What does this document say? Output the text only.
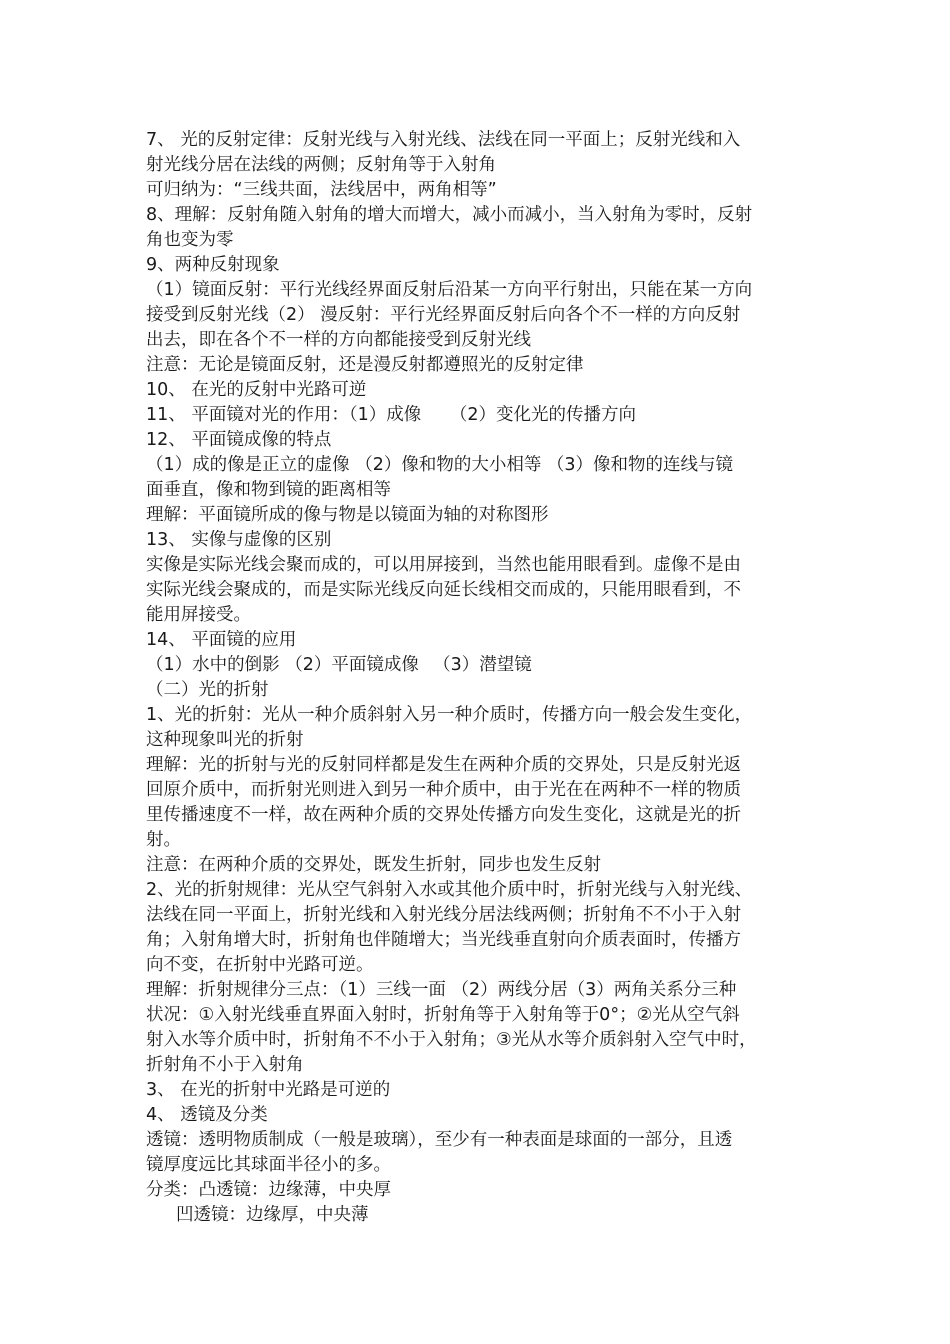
7、 光的反射定律：反射光线与入射光线、法线在同一平面上；反射光线和入
射光线分居在法线的两侧；反射角等于入射角
可归纳为：“三线共面，法线居中，两角相等”
8、理解：反射角随入射角的增大而增大，减小而减小，当入射角为零时，反射
角也变为零
9、两种反射现象
（1）镜面反射：平行光线经界面反射后沿某一方向平行射出，只能在某一方向
接受到反射光线（2） 漫反射：平行光经界面反射后向各个不一样的方向反射
出去，即在各个不一样的方向都能接受到反射光线
注意：无论是镜面反射，还是漫反射都遵照光的反射定律
10、 在光的反射中光路可逆
11、 平面镜对光的作用：（1）成像 　 （2）变化光的传播方向
12、 平面镜成像的特点
（1）成的像是正立的虚像 （2）像和物的大小相等 （3）像和物的连线与镜
面垂直，像和物到镜的距离相等
理解：平面镜所成的像与物是以镜面为轴的对称图形
13、 实像与虚像的区别
实像是实际光线会聚而成的，可以用屏接到，当然也能用眼看到。虚像不是由
实际光线会聚成的，而是实际光线反向延长线相交而成的，只能用眼看到，不
能用屏接受。
14、 平面镜的应用
（1）水中的倒影 （2）平面镜成像 　（3）潜望镜
（二）光的折射
1、光的折射：光从一种介质斜射入另一种介质时，传播方向一般会发生变化，
这种现象叫光的折射
理解：光的折射与光的反射同样都是发生在两种介质的交界处，只是反射光返
回原介质中，而折射光则进入到另一种介质中，由于光在在两种不一样的物质
里传播速度不一样，故在两种介质的交界处传播方向发生变化，这就是光的折
射。
注意：在两种介质的交界处，既发生折射，同步也发生反射
2、光的折射规律：光从空气斜射入水或其他介质中时，折射光线与入射光线、
法线在同一平面上，折射光线和入射光线分居法线两侧；折射角不不小于入射
角；入射角增大时，折射角也伴随增大；当光线垂直射向介质表面时，传播方
向不变，在折射中光路可逆。
理解：折射规律分三点：（1）三线一面 （2）两线分居（3）两角关系分三种
状况：①入射光线垂直界面入射时，折射角等于入射角等于0°；②光从空气斜
射入水等介质中时，折射角不不小于入射角；③光从水等介质斜射入空气中时，
折射角不小于入射角
3、 在光的折射中光路是可逆的
4、 透镜及分类
透镜：透明物质制成（一般是玻璃），至少有一种表面是球面的一部分，且透
镜厚度远比其球面半径小的多。
分类：凸透镜：边缘薄，中央厚
凹透镜：边缘厚，中央薄
